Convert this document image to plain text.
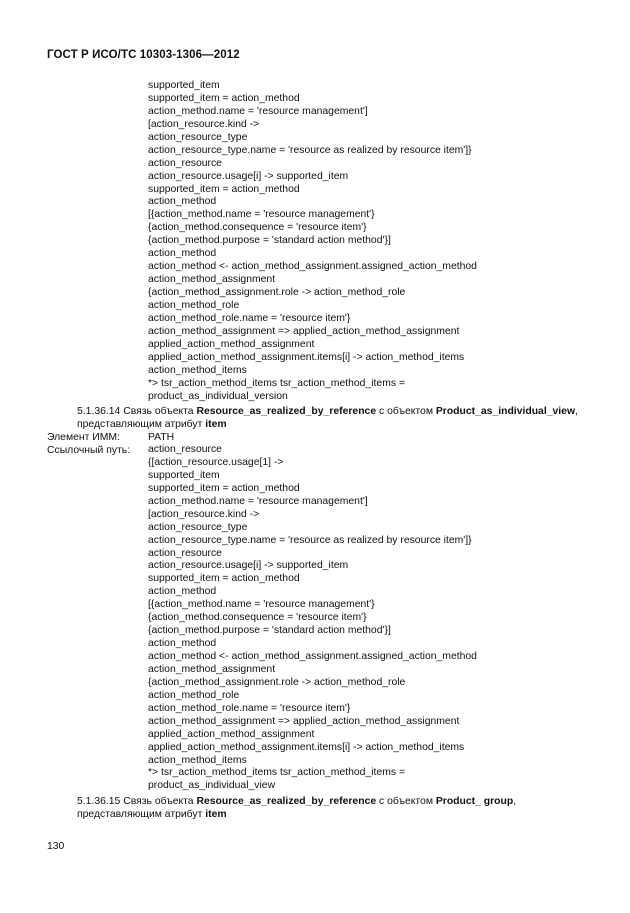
ГОСТ Р ИСО/ТС 10303-1306—2012
supported_item
supported_item = action_method
action_method.name = 'resource management']
[action_resource.kind ->
action_resource_type
action_resource_type.name = 'resource as realized by resource item']}
action_resource
action_resource.usage[i] -> supported_item
supported_item = action_method
action_method
[{action_method.name = 'resource management'}
{action_method.consequence = 'resource item'}
{action_method.purpose = 'standard action method'}]
action_method
action_method <- action_method_assignment.assigned_action_method
action_method_assignment
{action_method_assignment.role -> action_method_role
action_method_role
action_method_role.name = 'resource item'}
action_method_assignment => applied_action_method_assignment
applied_action_method_assignment
applied_action_method_assignment.items[i] -> action_method_items
action_method_items
*> tsr_action_method_items tsr_action_method_items =
product_as_individual_version
5.1.36.14 Связь объекта Resource_as_realized_by_reference с объектом Product_as_individual_view, представляющим атрибут item
Элемент ИММ:	PATH
Ссылочный путь:	action_resource
{[action_resource.usage[1] ->
supported_item
supported_item = action_method
action_method.name = 'resource management']
[action_resource.kind ->
action_resource_type
action_resource_type.name = 'resource as realized by resource item']}
action_resource
action_resource.usage[i] -> supported_item
supported_item = action_method
action_method
[{action_method.name = 'resource management'}
{action_method.consequence = 'resource item'}
{action_method.purpose = 'standard action method'}]
action_method
action_method <- action_method_assignment.assigned_action_method
action_method_assignment
{action_method_assignment.role -> action_method_role
action_method_role
action_method_role.name = 'resource item'}
action_method_assignment => applied_action_method_assignment
applied_action_method_assignment
applied_action_method_assignment.items[i] -> action_method_items
action_method_items
*> tsr_action_method_items tsr_action_method_items =
product_as_individual_view
5.1.36.15 Связь объекта Resource_as_realized_by_reference с объектом Product_ group, представляющим атрибут item
130
